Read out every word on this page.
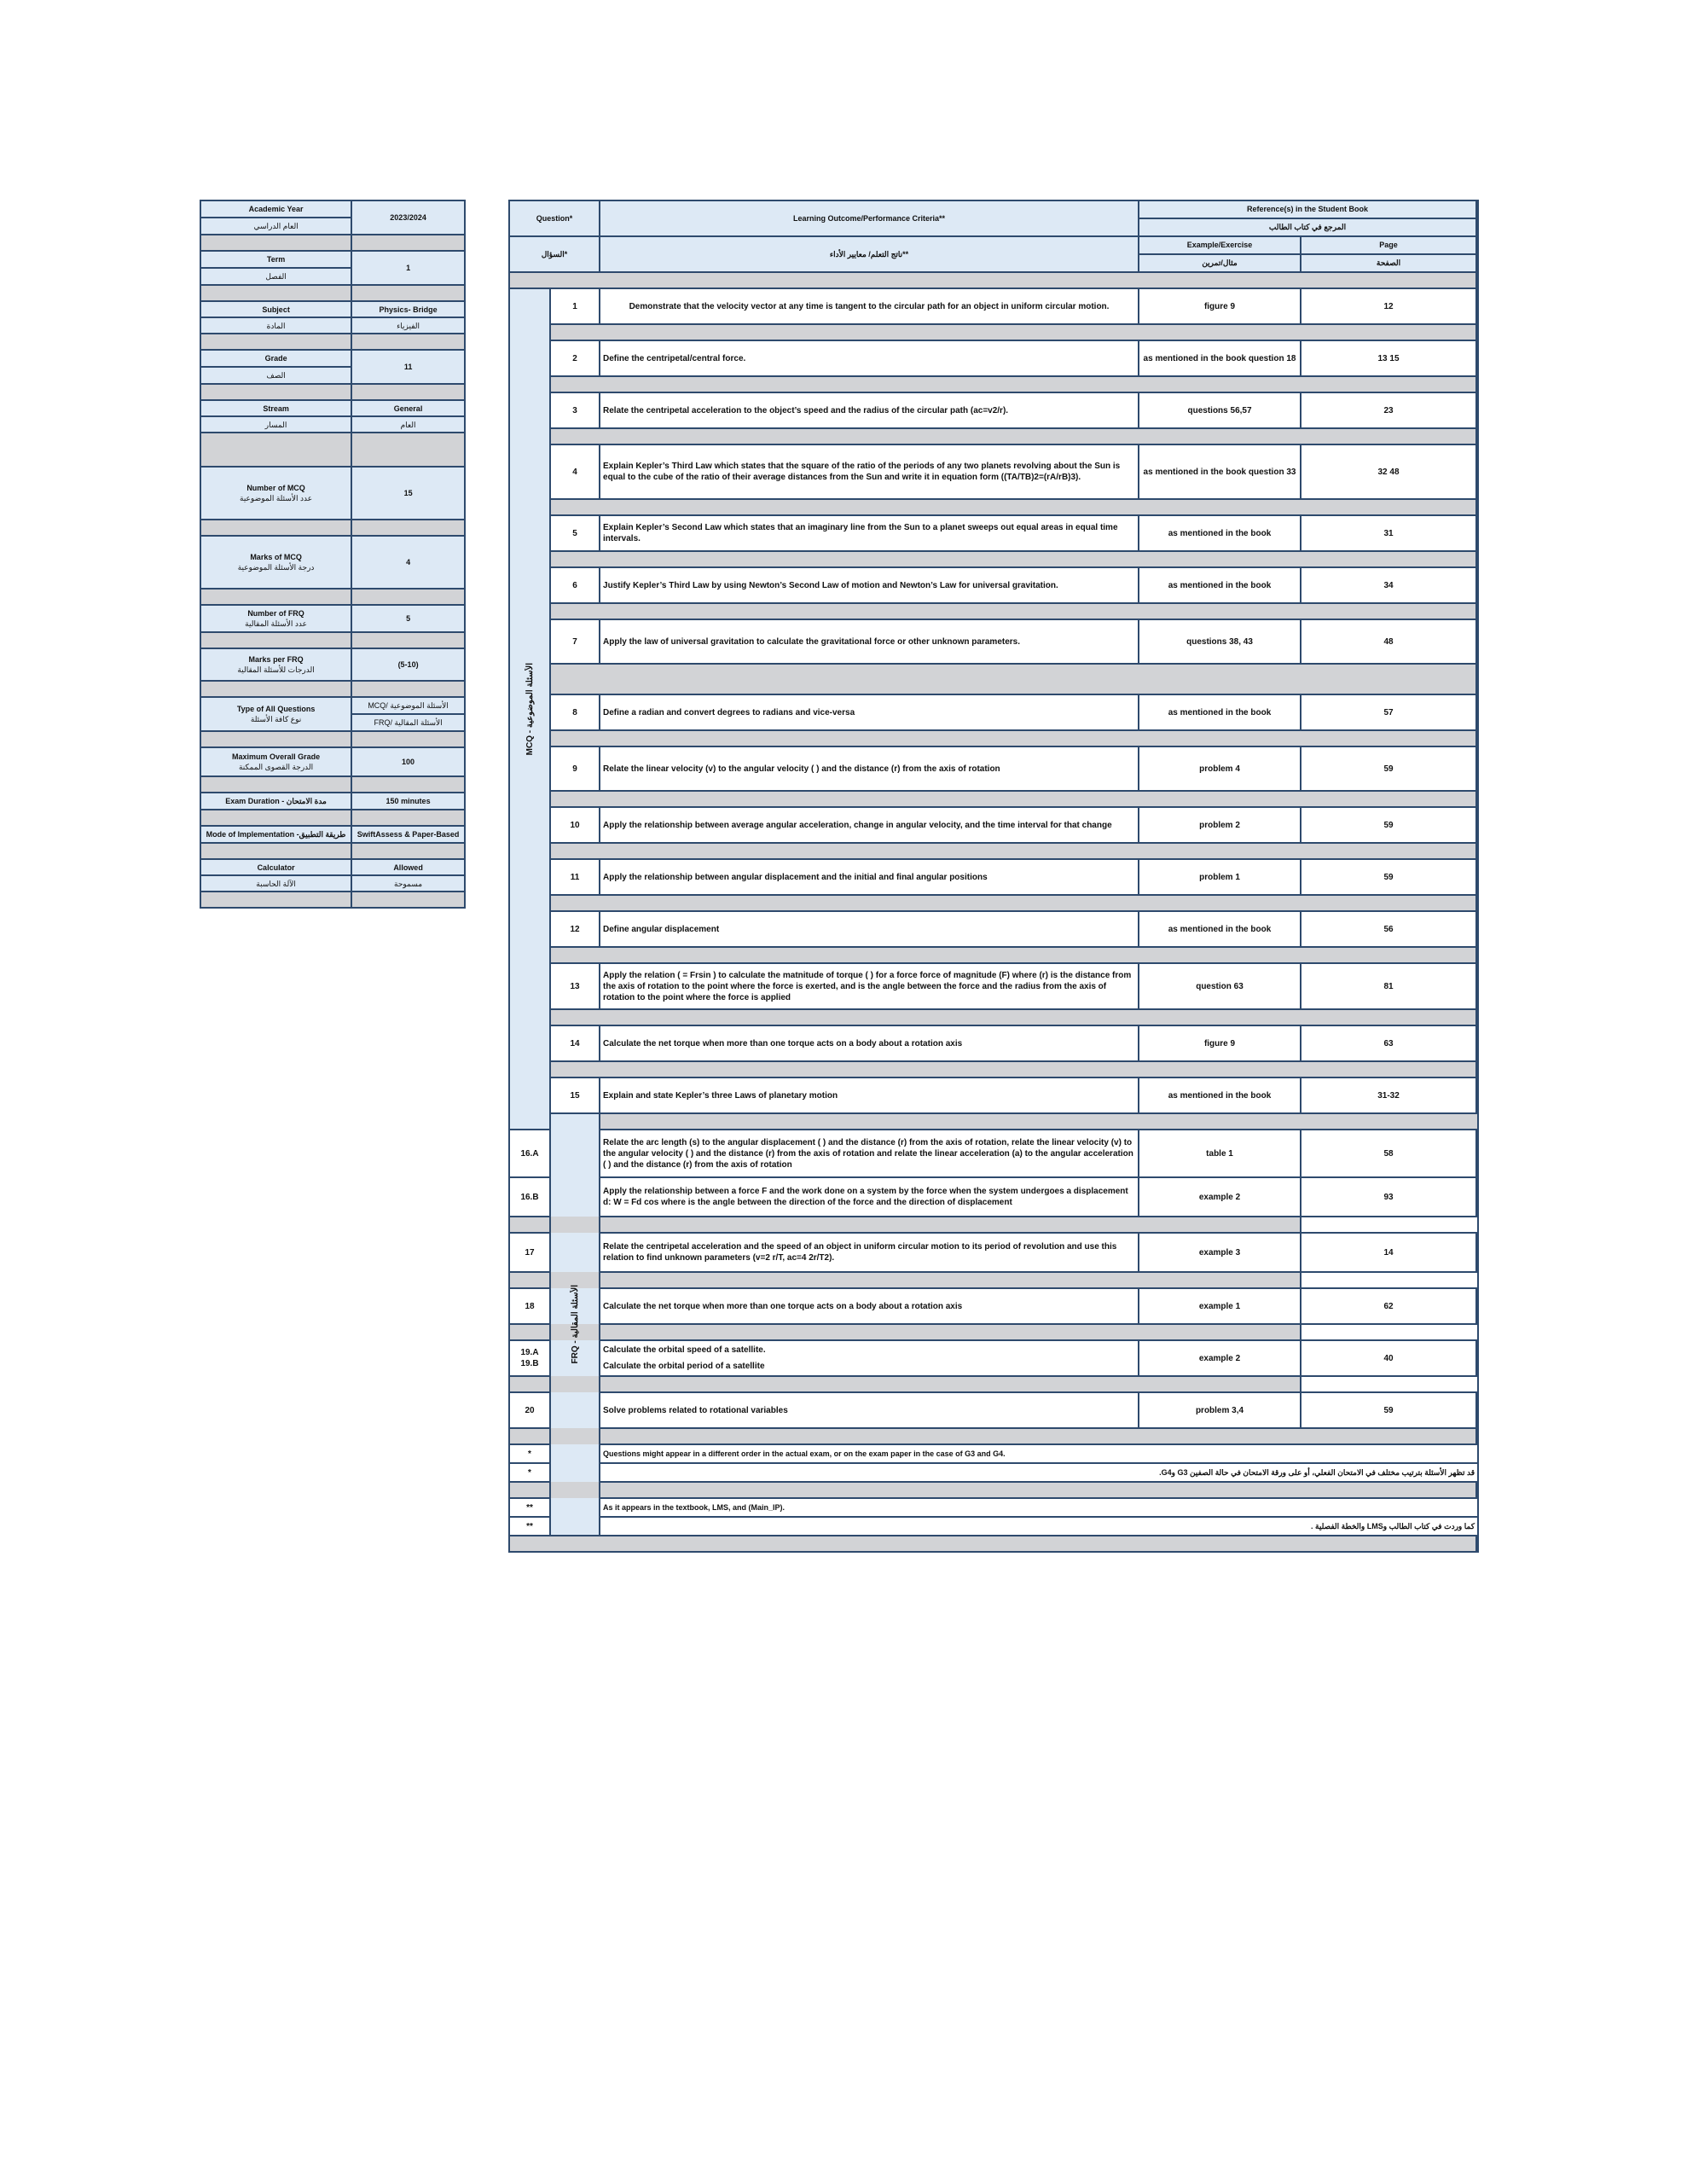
Academic Year	2023/2024
العام الدراسي	

Term	1
الفصل	

Subject	Physics- Bridge
المادة	الفيزياء

Grade	11
الصف	

Stream	General
المسار	العام

Number of MCQ
عدد الأسئلة الموضوعية	15

Marks of MCQ
درجة الأسئلة الموضوعية	4

Number of FRQ
عدد الأسئلة المقالية	5

Marks per FRQ
الدرجات للأسئلة المقالية	(5-10)

Type of All Questions
نوع كافة الأسئلة	MCQ/ الأسئلة الموضوعية
	FRQ/ الأسئلة المقالية

Maximum Overall Grade
الدرجة القصوى الممكنة	100

Exam Duration - مدة الامتحان	150 minutes

Mode of Implementation -طريقة التطبيق	SwiftAssess & Paper-Based

Calculator	Allowed
الآلة الحاسبة	مسموحة

Question*		Learning Outcome/Performance Criteria**	Reference(s) in the Student Book	
			المرجع في كتاب الطالب	
السؤال*		ناتج التعلم/ معايير الأداء**	Example/Exercise	Page
			مثال/تمرين	الصفحة

MCQ - الأسئلة الموضوعية	1	Demonstrate that the velocity vector at any time is tangent to the circular path for an object in uniform circular motion.	figure 9	12

	2	Define the centripetal/central force.	as mentioned in the book question 18	13 15

	3	Relate the centripetal acceleration to the object’s speed and the radius of the circular path (ac=v2/r).	questions 56,57	23

	4	Explain Kepler’s Third Law which states that the square of the ratio of the periods of any two planets revolving about the Sun is equal to the cube of the ratio of their average distances from the Sun and write it in equation form ((TA/TB)2=(rA/rB)3).	as mentioned in the book question 33	32 48

	5	Explain Kepler’s Second Law which states that an imaginary line from the Sun to a planet sweeps out equal areas in equal time intervals.	as mentioned in the book	31

	6	Justify Kepler’s Third Law by using Newton’s Second Law of motion and Newton’s Law for universal gravitation.	as mentioned in the book	34

	7	Apply the law of universal gravitation to calculate the gravitational force or other unknown parameters.	questions 38, 43	48

	8	Define a radian and convert degrees to radians and vice-versa	as mentioned in the book	57

	9	Relate the linear velocity (v) to the angular velocity ( ) and the distance (r) from the axis of rotation	problem 4	59

	10	Apply the relationship between average angular acceleration, change in angular velocity, and the time interval for that change	problem 2	59

	11	Apply the relationship between angular displacement and the initial and final angular positions	problem 1	59

	12	Define angular displacement	as mentioned in the book	56

	13	Apply the relation ( = Frsin ) to calculate the matnitude of torque ( ) for a force force of magnitude (F) where (r) is the distance from the axis of rotation to the point where the force is exerted, and is the angle between the force and the radius from the axis of rotation to the point where the force is applied	question 63	81

	14	Calculate the net torque when more than one torque acts on a body about a rotation axis	figure 9	63

	15	Explain and state Kepler’s three Laws of planetary motion	as mentioned in the book	31-32

	FRQ - الأسئلة المقالية			

16.A		Relate the arc length (s) to the angular displacement ( ) and the distance (r) from the axis of rotation, relate the linear velocity (v) to the angular velocity ( ) and the distance (r) from the axis of rotation and relate the linear acceleration (a) to the angular acceleration ( ) and the distance (r) from the axis of rotation	table 1	58
16.B		Apply the relationship between a force F and the work done on a system by the force when the system undergoes a displacement d: W = Fd cos where is the angle between the direction of the force and the direction of displacement	example 2	93

17		Relate the centripetal acceleration and the speed of an object in uniform circular motion to its period of revolution and use this relation to find unknown parameters (v=2 r/T, ac=4 2r/T2).	example 3	14

18		Calculate the net torque when more than one torque acts on a body about a rotation axis	example 1	62

19.A
19.B		Calculate the orbital speed of a satellite.
Calculate the orbital period of a satellite	example 2	40

20		Solve problems related to rotational variables	problem 3,4	59

*		Questions might appear in a different order in the actual exam, or on the exam paper in the case of G3 and G4.		
*		قد تظهر الأسئلة بترتيب مختلف في الامتحان الفعلي، أو على ورقة الامتحان في حالة الصفين G3 وG4.		

**		As it appears in the textbook, LMS, and (Main_IP).		
**		كما وردت في كتاب الطالب وLMS والخطة الفصلية .		
